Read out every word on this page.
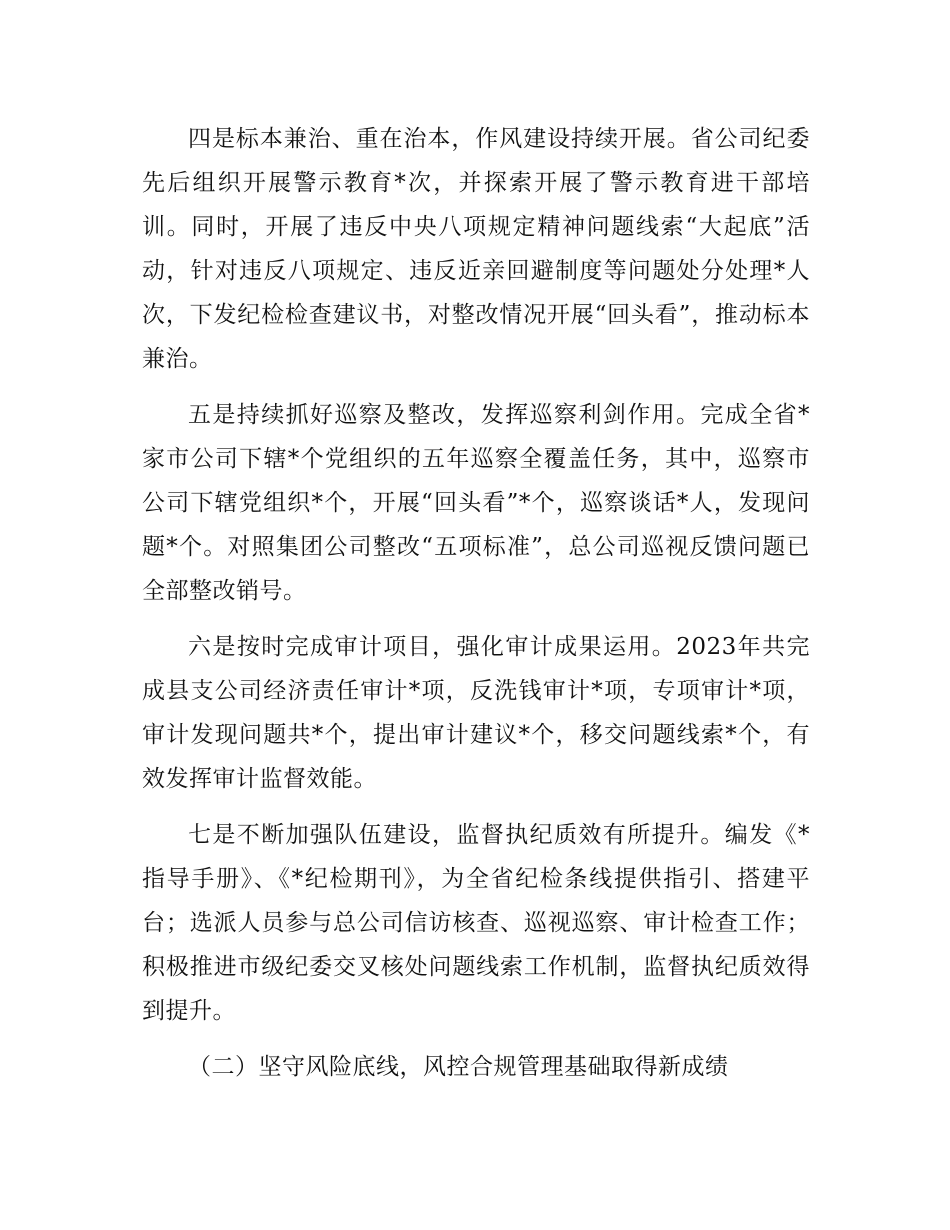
四是标本兼治、重在治本，作风建设持续开展。省公司纪委先后组织开展警示教育*次，并探索开展了警示教育进干部培训。同时，开展了违反中央八项规定精神问题线索“大起底”活动，针对违反八项规定、违反近亲回避制度等问题处分处理*人次，下发纪检检查建议书，对整改情况开展“回头看”，推动标本兼治。

五是持续抓好巡察及整改，发挥巡察利剑作用。完成全省*家市公司下辖*个党组织的五年巡察全覆盖任务，其中，巡察市公司下辖党组织*个，开展“回头看”*个，巡察谈话*人，发现问题*个。对照集团公司整改“五项标准”，总公司巡视反馈问题已全部整改销号。

六是按时完成审计项目，强化审计成果运用。2023年共完成县支公司经济责任审计*项，反洗钱审计*项，专项审计*项，审计发现问题共*个，提出审计建议*个，移交问题线索*个，有效发挥审计监督效能。

七是不断加强队伍建设，监督执纪质效有所提升。编发《*指导手册》、《*纪检期刊》，为全省纪检条线提供指引、搭建平台；选派人员参与总公司信访核查、巡视巡察、审计检查工作；积极推进市级纪委交叉核处问题线索工作机制，监督执纪质效得到提升。

（二）坚守风险底线，风控合规管理基础取得新成绩
